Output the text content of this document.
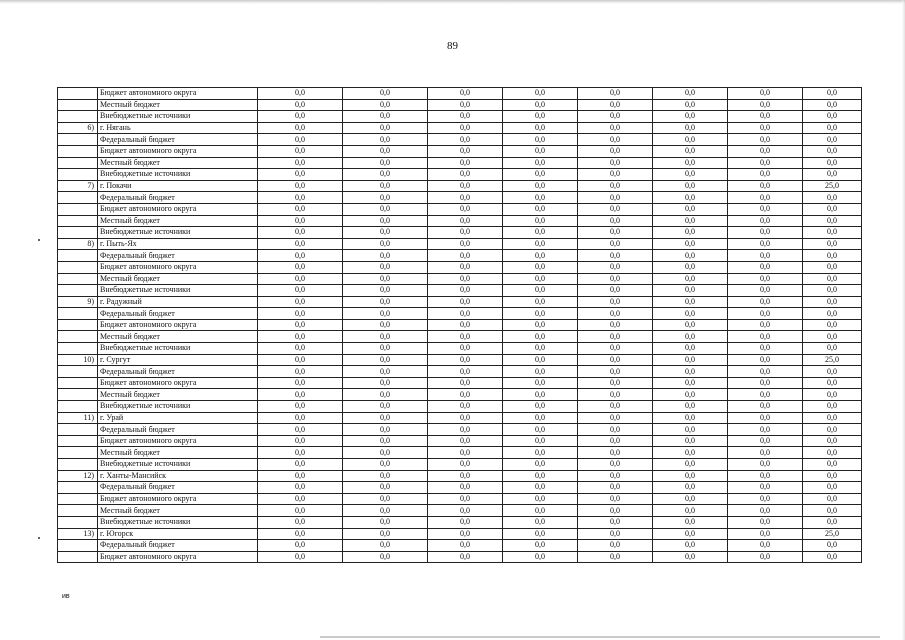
89
	Бюджет автономного округа	0,0	0,0	0,0	0,0	0,0	0,0	0,0	0,0
	Местный бюджет	0,0	0,0	0,0	0,0	0,0	0,0	0,0	0,0
	Внебюджетные источники	0,0	0,0	0,0	0,0	0,0	0,0	0,0	0,0
6)	г. Нягань	0,0	0,0	0,0	0,0	0,0	0,0	0,0	0,0
	Федеральный бюджет	0,0	0,0	0,0	0,0	0,0	0,0	0,0	0,0
	Бюджет автономного округа	0,0	0,0	0,0	0,0	0,0	0,0	0,0	0,0
	Местный бюджет	0,0	0,0	0,0	0,0	0,0	0,0	0,0	0,0
	Внебюджетные источники	0,0	0,0	0,0	0,0	0,0	0,0	0,0	0,0
7)	г. Покачи	0,0	0,0	0,0	0,0	0,0	0,0	0,0	25,0
	Федеральный бюджет	0,0	0,0	0,0	0,0	0,0	0,0	0,0	0,0
	Бюджет автономного округа	0,0	0,0	0,0	0,0	0,0	0,0	0,0	0,0
	Местный бюджет	0,0	0,0	0,0	0,0	0,0	0,0	0,0	0,0
	Внебюджетные источники	0,0	0,0	0,0	0,0	0,0	0,0	0,0	0,0
8)	г. Пыть-Ях	0,0	0,0	0,0	0,0	0,0	0,0	0,0	0,0
	Федеральный бюджет	0,0	0,0	0,0	0,0	0,0	0,0	0,0	0,0
	Бюджет автономного округа	0,0	0,0	0,0	0,0	0,0	0,0	0,0	0,0
	Местный бюджет	0,0	0,0	0,0	0,0	0,0	0,0	0,0	0,0
	Внебюджетные источники	0,0	0,0	0,0	0,0	0,0	0,0	0,0	0,0
9)	г. Радужный	0,0	0,0	0,0	0,0	0,0	0,0	0,0	0,0
	Федеральный бюджет	0,0	0,0	0,0	0,0	0,0	0,0	0,0	0,0
	Бюджет автономного округа	0,0	0,0	0,0	0,0	0,0	0,0	0,0	0,0
	Местный бюджет	0,0	0,0	0,0	0,0	0,0	0,0	0,0	0,0
	Внебюджетные источники	0,0	0,0	0,0	0,0	0,0	0,0	0,0	0,0
10)	г. Сургут	0,0	0,0	0,0	0,0	0,0	0,0	0,0	25,0
	Федеральный бюджет	0,0	0,0	0,0	0,0	0,0	0,0	0,0	0,0
	Бюджет автономного округа	0,0	0,0	0,0	0,0	0,0	0,0	0,0	0,0
	Местный бюджет	0,0	0,0	0,0	0,0	0,0	0,0	0,0	0,0
	Внебюджетные источники	0,0	0,0	0,0	0,0	0,0	0,0	0,0	0,0
11)	г. Урай	0,0	0,0	0,0	0,0	0,0	0,0	0,0	0,0
	Федеральный бюджет	0,0	0,0	0,0	0,0	0,0	0,0	0,0	0,0
	Бюджет автономного округа	0,0	0,0	0,0	0,0	0,0	0,0	0,0	0,0
	Местный бюджет	0,0	0,0	0,0	0,0	0,0	0,0	0,0	0,0
	Внебюджетные источники	0,0	0,0	0,0	0,0	0,0	0,0	0,0	0,0
12)	г. Ханты-Мансийск	0,0	0,0	0,0	0,0	0,0	0,0	0,0	0,0
	Федеральный бюджет	0,0	0,0	0,0	0,0	0,0	0,0	0,0	0,0
	Бюджет автономного округа	0,0	0,0	0,0	0,0	0,0	0,0	0,0	0,0
	Местный бюджет	0,0	0,0	0,0	0,0	0,0	0,0	0,0	0,0
	Внебюджетные источники	0,0	0,0	0,0	0,0	0,0	0,0	0,0	0,0
13)	г. Югорск	0,0	0,0	0,0	0,0	0,0	0,0	0,0	25,0
	Федеральный бюджет	0,0	0,0	0,0	0,0	0,0	0,0	0,0	0,0
	Бюджет автономного округа	0,0	0,0	0,0	0,0	0,0	0,0	0,0	0,0
ив
